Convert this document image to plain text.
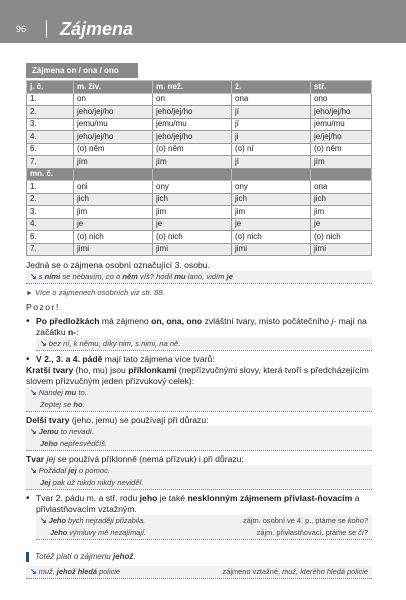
96 Zájmena
Zájmena on / ona / ono
j. č.	m. živ.	m. než.	ž.	stř.
1.	on	on	ona	ono
2.	jeho/jej/ho	jeho/jej/ho	jí	jeho/jej/ho
3.	jemu/mu	jemu/mu	jí	jemu/mu
4.	jeho/jej/ho	jeho/jej/ho	ji	je/jej/ho
6.	(o) něm	(o) něm	(o) ní	(o) něm
7.	jím	jím	jí	jím
mn. č.				
1.	oni	ony	ony	ona
2.	jich	jich	jich	jich
3.	jim	jim	jim	jim
4.	je	je	je	je
6.	(o) nich	(o) nich	(o) nich	(o) nich
7.	jimi	jimi	jimi	jimi

Jedná se o zájmena osobní označující 3. osobu.

↘ s ními se nebavím, co o něm víš? hodil mu lano, vidím je

► Více o zájmenech osobních viz str. 88.

Pozor!

• Po předložkách má zájmeno on, ona, ono zvláštní tvary, místo počátečního j- mají na začátku n-:

↘ bez ní, k němu, díky nim, s nimi, na ně.

• V 2., 3. a 4. pádě mají tato zájmena více tvarů:

Kratší tvary (ho, mu) jsou příklonkami (nepřízvučnými slovy, která tvoří s předcházejícím slovem přízvučným jeden přízvukový celek):

↘ Nandej mu to.

Zeptej se ho.

Delší tvary (jeho, jemu) se používají při důrazu:

↘ Jemu to nevadí.

Jeho nepřesvědčíš.

Tvar jej se používá příklonně (nemá přízvuk) i při důrazu:

↘ Požádal jej o pomoc.

Jej pak už nikdo nikdy neviděl.

• Tvar 2. pádu m. a stř. rodu jeho je také nesklonným zájmenem přivlast-ňovacím a přivlastňovacím vztažným.

↘ Jeho bych nejraději přizabila.	zájm. osobní ve 4. p., ptáme se koho?
Jeho výmluvy mě nezajímají.	zájm. přivlastňovací, ptáme se čí?

Totéž platí o zájmenu jehož.

↘ muž, jehož hledá policie	zájmeno vztažné, muž, kterého hledá policie
